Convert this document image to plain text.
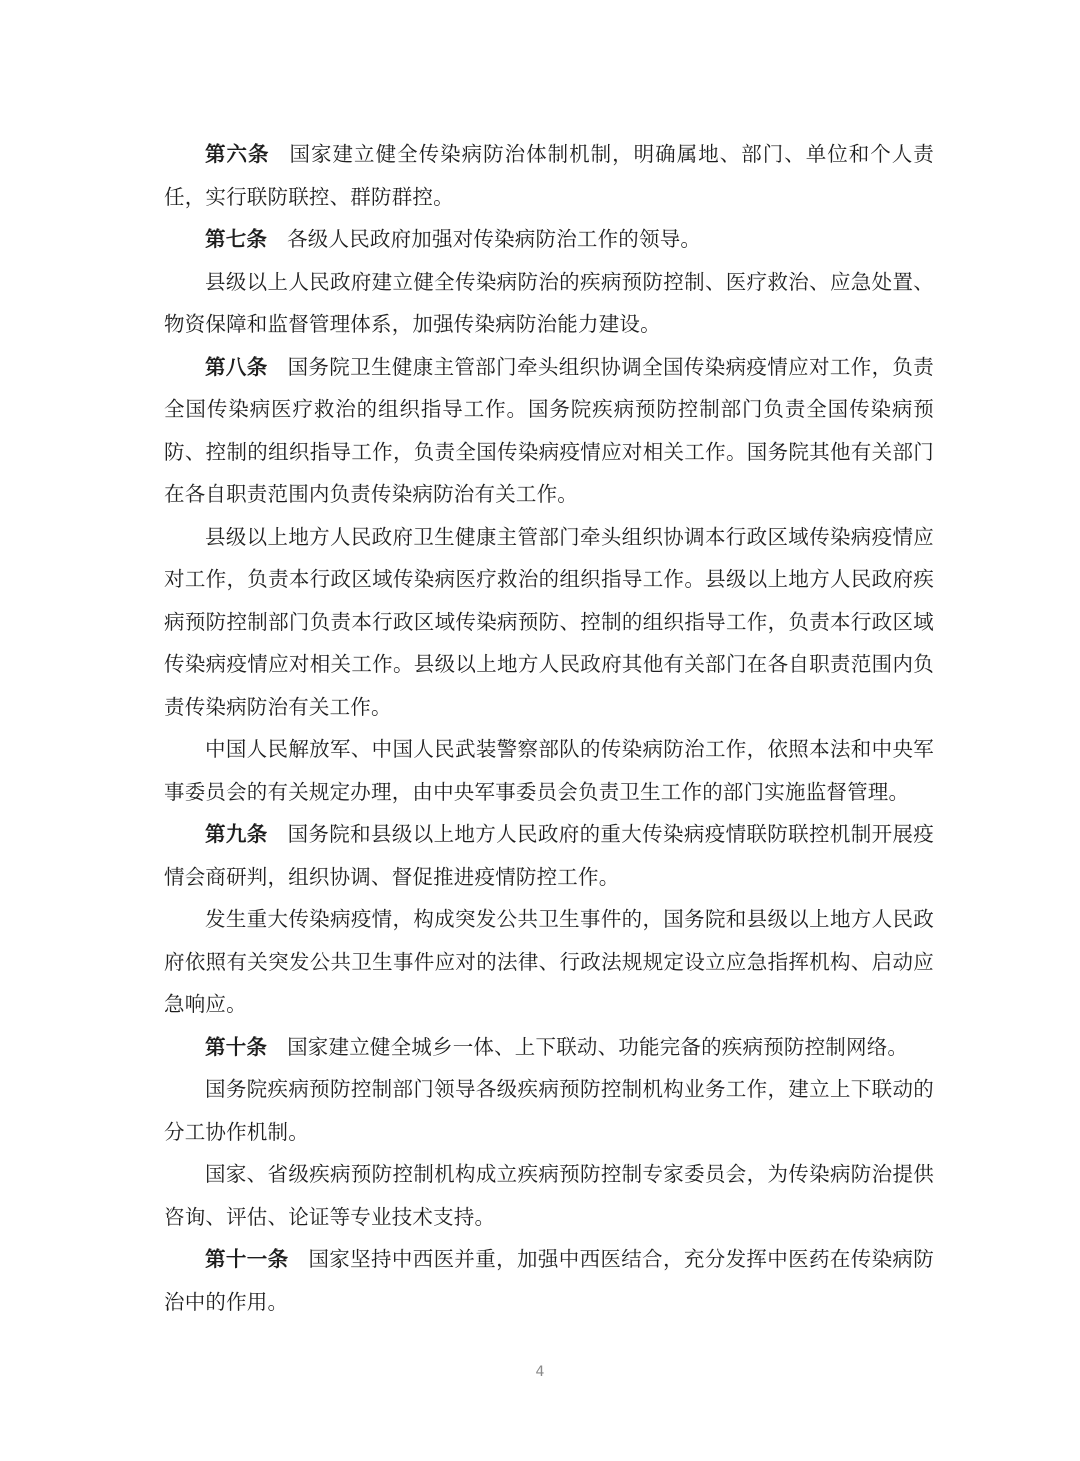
第六条 国家建立健全传染病防治体制机制，明确属地、部门、单位和个人责任，实行联防联控、群防群控。

第七条 各级人民政府加强对传染病防治工作的领导。

县级以上人民政府建立健全传染病防治的疾病预防控制、医疗救治、应急处置、物资保障和监督管理体系，加强传染病防治能力建设。

第八条 国务院卫生健康主管部门牵头组织协调全国传染病疫情应对工作，负责全国传染病医疗救治的组织指导工作。国务院疾病预防控制部门负责全国传染病预防、控制的组织指导工作，负责全国传染病疫情应对相关工作。国务院其他有关部门在各自职责范围内负责传染病防治有关工作。

县级以上地方人民政府卫生健康主管部门牵头组织协调本行政区域传染病疫情应对工作，负责本行政区域传染病医疗救治的组织指导工作。县级以上地方人民政府疾病预防控制部门负责本行政区域传染病预防、控制的组织指导工作，负责本行政区域传染病疫情应对相关工作。县级以上地方人民政府其他有关部门在各自职责范围内负责传染病防治有关工作。

中国人民解放军、中国人民武装警察部队的传染病防治工作，依照本法和中央军事委员会的有关规定办理，由中央军事委员会负责卫生工作的部门实施监督管理。

第九条 国务院和县级以上地方人民政府的重大传染病疫情联防联控机制开展疫情会商研判，组织协调、督促推进疫情防控工作。

发生重大传染病疫情，构成突发公共卫生事件的，国务院和县级以上地方人民政府依照有关突发公共卫生事件应对的法律、行政法规规定设立应急指挥机构、启动应急响应。

第十条 国家建立健全城乡一体、上下联动、功能完备的疾病预防控制网络。

国务院疾病预防控制部门领导各级疾病预防控制机构业务工作，建立上下联动的分工协作机制。

国家、省级疾病预防控制机构成立疾病预防控制专家委员会，为传染病防治提供咨询、评估、论证等专业技术支持。

第十一条 国家坚持中西医并重，加强中西医结合，充分发挥中医药在传染病防治中的作用。

4
